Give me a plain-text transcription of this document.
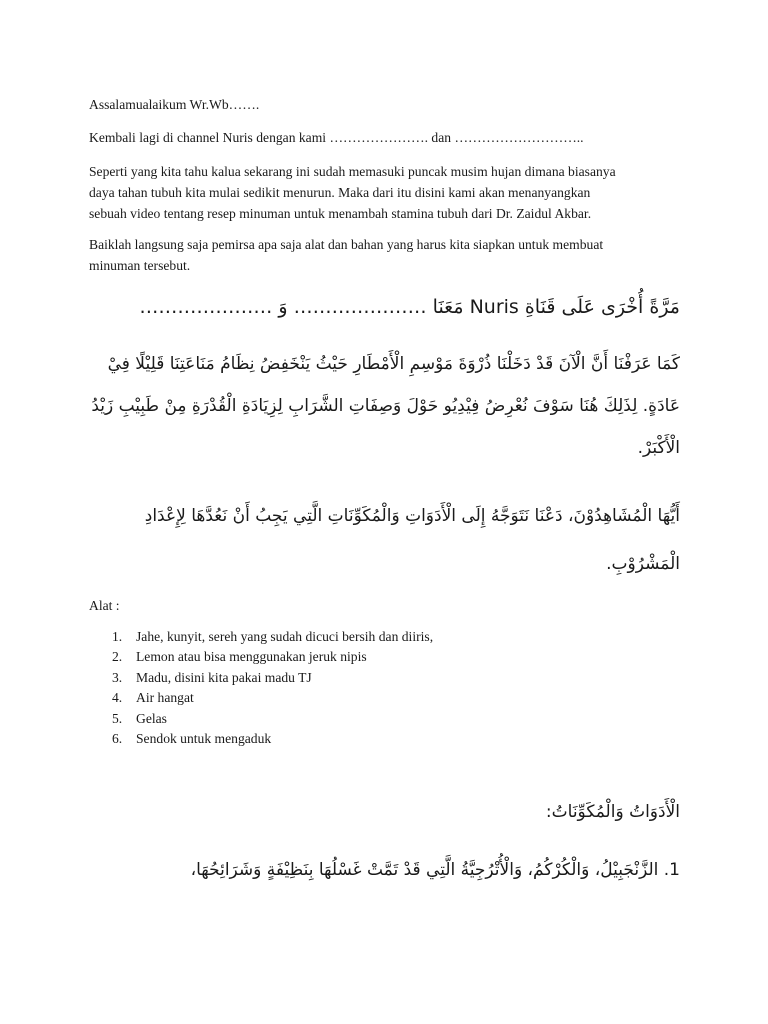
Assalamualaikum Wr.Wb…….

Kembali lagi di channel Nuris dengan kami …………………. dan ………………………..

Seperti yang kita tahu kalua sekarang ini sudah memasuki puncak musim hujan dimana biasanya
daya tahan tubuh kita mulai sedikit menurun. Maka dari itu disini kami akan menanyangkan
sebuah video tentang resep minuman untuk menambah stamina tubuh dari Dr. Zaidul Akbar.
Baiklah langsung saja pemirsa apa saja alat dan bahan yang harus kita siapkan untuk membuat
minuman tersebut.
مَرَّةً أُخْرَى عَلَى قَنَاةِ Nuris مَعَنَا ………………… وَ …………………
كَمَا عَرَفْنَا أَنَّ الْآنَ قَدْ دَخَلْنَا ذُرْوَةَ مَوْسِمِ الْأَمْطَارِ حَيْثُ يَنْخَفِضُ نِظَامُ مَنَاعَتِنَا قَلِيْلًا فِيْ
عَادَةٍ. لِذَلِكَ هُنَا سَوْفَ نُعْرِضُ فِيْدِيُو حَوْلَ وَصِفَاتِ الشَّرَابِ لِزِيَادَةِ الْقُدْرَةِ مِنْ طَبِيْبِ زَيْدُ
الْأَكْبَرْ.
أَيُّهَا الْمُشَاهِدُوْنَ، دَعْنَا نَتَوَجَّهُ إِلَى الْأَدَوَاتِ وَالْمُكَوِّنَاتِ الَّتِي يَجِبُ أَنْ نَعُدَّهَا لِإِعْدَادِ
الْمَشْرُوْبِ.

Alat :

1.	Jahe, kunyit, sereh yang sudah dicuci bersih dan diiris,
2.	Lemon atau bisa menggunakan jeruk nipis
3.	Madu, disini kita pakai madu TJ
4.	Air hangat
5.	Gelas
6.	Sendok untuk mengaduk
الْأَدَوَاتُ وَالْمُكَوِّنَاتُ:
1. الزَّنْجَبِيْلُ، وَالْكُرْكُمُ، وَالْأُتْرُجِيَّةُ الَّتِي قَدْ تَمَّتْ غَسْلُهَا بِنَظِيْفَةٍ وَشَرَائِحُهَا،
